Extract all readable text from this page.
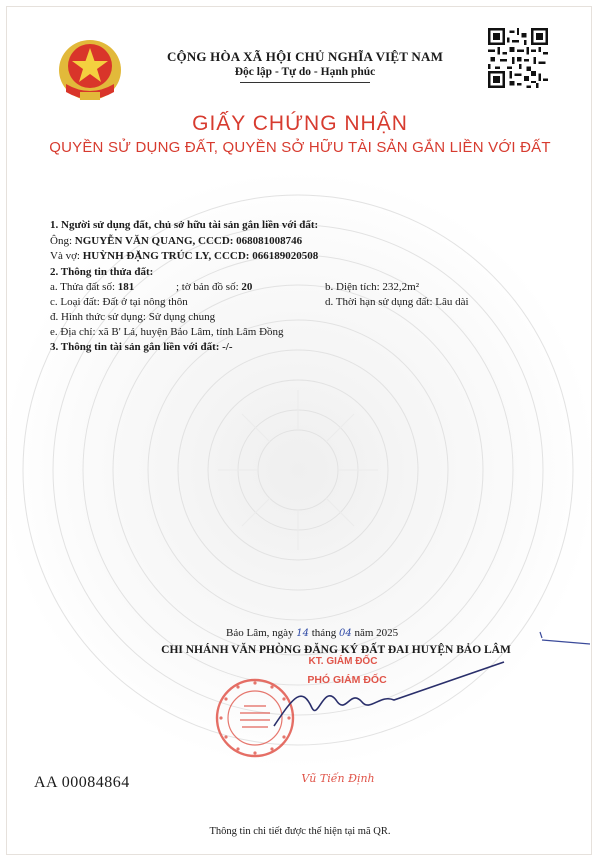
CỘNG HÒA XÃ HỘI CHỦ NGHĨA VIỆT NAM
Độc lập - Tự do - Hạnh phúc
GIẤY CHỨNG NHẬN
QUYỀN SỬ DỤNG ĐẤT, QUYỀN SỞ HỮU TÀI SẢN GẮN LIỀN VỚI ĐẤT
1. Người sử dụng đất, chủ sở hữu tài sản gắn liền với đất:
Ông: NGUYỄN VĂN QUANG, CCCD: 068081008746
Và vợ: HUỲNH ĐẶNG TRÚC LY, CCCD: 066189020508
2. Thông tin thửa đất:
a. Thửa đất số: 181	; tờ bản đồ số: 20	b. Diện tích: 232,2m²
c. Loại đất: Đất ở tại nông thôn	d. Thời hạn sử dụng đất: Lâu dài
đ. Hình thức sử dụng: Sử dụng chung
e. Địa chỉ: xã B' Lá, huyện Bảo Lâm, tỉnh Lâm Đồng
3. Thông tin tài sản gắn liền với đất: -/-
Bảo Lâm, ngày 14 tháng 04 năm 2025
CHI NHÁNH VĂN PHÒNG ĐĂNG KÝ ĐẤT ĐAI HUYỆN BẢO LÂM
KT. GIÁM ĐỐC
PHÓ GIÁM ĐỐC
Vũ Tiến Định
AA 00084864
Thông tin chi tiết được thể hiện tại mã QR.
